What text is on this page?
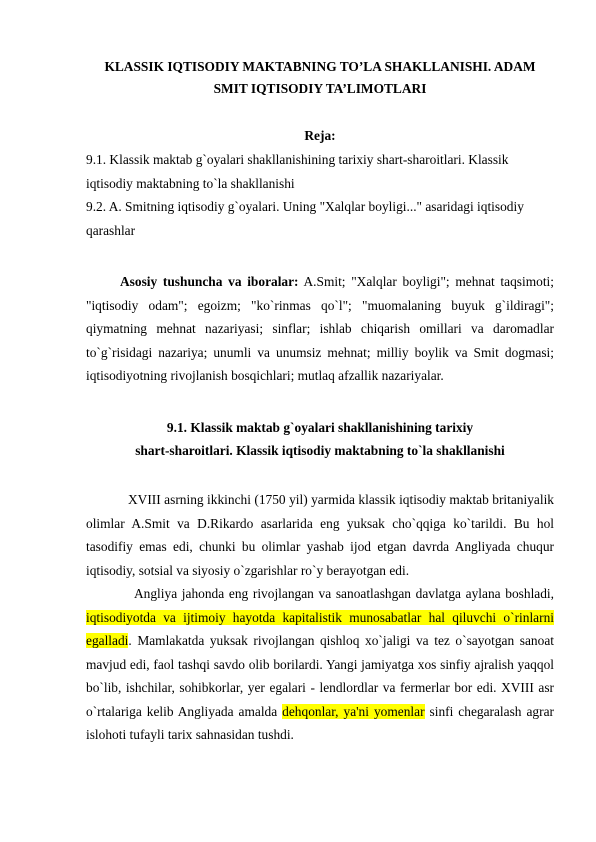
KLASSIK IQTISODIY MAKTABNING TO’LA SHAKLLANISHI. ADAM SMIT IQTISODIY TA’LIMOTLARI
Reja:
9.1. Klassik maktab g`oyalari shakllanishining tarixiy shart-sharoitlari. Klassik iqtisodiy maktabning to`la shakllanishi
9.2. A. Smitning iqtisodiy g`oyalari. Uning "Xalqlar boyligi..." asaridagi iqtisodiy qarashlar

Asosiy tushuncha va iboralar: A.Smit; "Xalqlar boyligi"; mehnat taqsimoti; "iqtisodiy odam"; egoizm; "ko`rinmas qo`l"; "muomalaning buyuk g`ildiragi"; qiymatning mehnat nazariyasi; sinflar; ishlab chiqarish omillari va daromadlar to`g`risidagi nazariya; unumli va unumsiz mehnat; milliy boylik va Smit dogmasi; iqtisodiyotning rivojlanish bosqichlari; mutlaq afzallik nazariyalar.

9.1. Klassik maktab g`oyalari shakllanishining tarixiy
shart-sharoitlari. Klassik iqtisodiy maktabning to`la shakllanishi

XVIII asrning ikkinchi (1750 yil) yarmida klassik iqtisodiy maktab britaniyalik olimlar A.Smit va D.Rikardo asarlarida eng yuksak cho`qqiga ko`tarildi. Bu hol tasodifiy emas edi, chunki bu olimlar yashab ijod etgan davrda Angliyada chuqur iqtisodiy, sotsial va siyosiy o`zgarishlar ro`y berayotgan edi.

Angliya jahonda eng rivojlangan va sanoatlashgan davlatga aylana boshladi, iqtisodiyotda va ijtimoiy hayotda kapitalistik munosabatlar hal qiluvchi o`rinlarni egalladi. Mamlakatda yuksak rivojlangan qishloq xo`jaligi va tez o`sayotgan sanoat mavjud edi, faol tashqi savdo olib borilardi. Yangi jamiyatga xos sinfiy ajralish yaqqol bo`lib, ishchilar, sohibkorlar, yer egalari - lendlordlar va fermerlar bor edi. XVIII asr o`rtalariga kelib Angliyada amalda dehqonlar, ya'ni yomenlar sinfi chegaralash agrar islohoti tufayli tarix sahnasidan tushdi.
